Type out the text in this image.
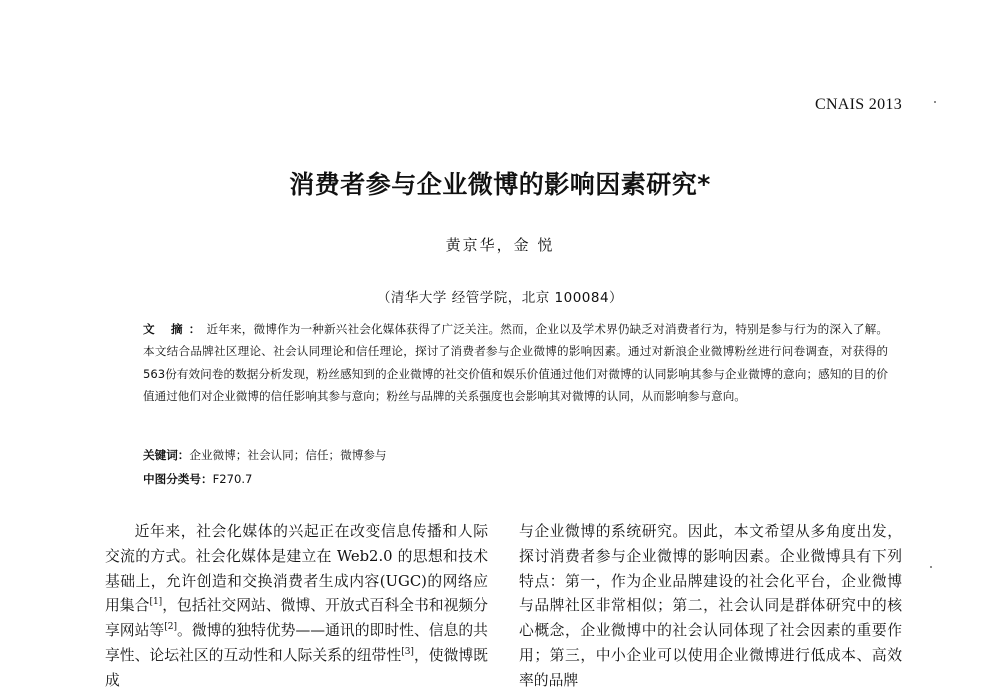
CNAIS 2013
消费者参与企业微博的影响因素研究*
黄京华，金 悦
（清华大学 经管学院，北京 100084）
文 摘：近年来，微博作为一种新兴社会化媒体获得了广泛关注。然而，企业以及学术界仍缺乏对消费者行为，特别是参与行为的深入了解。本文结合品牌社区理论、社会认同理论和信任理论，探讨了消费者参与企业微博的影响因素。通过对新浪企业微博粉丝进行问卷调查，对获得的563份有效问卷的数据分析发现，粉丝感知到的企业微博的社交价值和娱乐价值通过他们对微博的认同影响其参与企业微博的意向；感知的目的价值通过他们对企业微博的信任影响其参与意向；粉丝与品牌的关系强度也会影响其对微博的认同，从而影响参与意向。
关键词：企业微博；社会认同；信任；微博参与
中图分类号：F270.7

近年来，社会化媒体的兴起正在改变信息传播和人际交流的方式。社会化媒体是建立在 Web2.0 的思想和技术基础上，允许创造和交换消费者生成内容(UGC)的网络应用集合[1]，包括社交网站、微博、开放式百科全书和视频分享网站等[2]。微博的独特优势——通讯的即时性、信息的共享性、论坛社区的互动性和人际关系的纽带性[3]，使微博既成

与企业微博的系统研究。因此，本文希望从多角度出发，探讨消费者参与企业微博的影响因素。企业微博具有下列特点：第一，作为企业品牌建设的社会化平台，企业微博与品牌社区非常相似；第二，社会认同是群体研究中的核心概念，企业微博中的社会认同体现了社会因素的重要作用；第三，中小企业可以使用企业微博进行低成本、高效率的品牌
